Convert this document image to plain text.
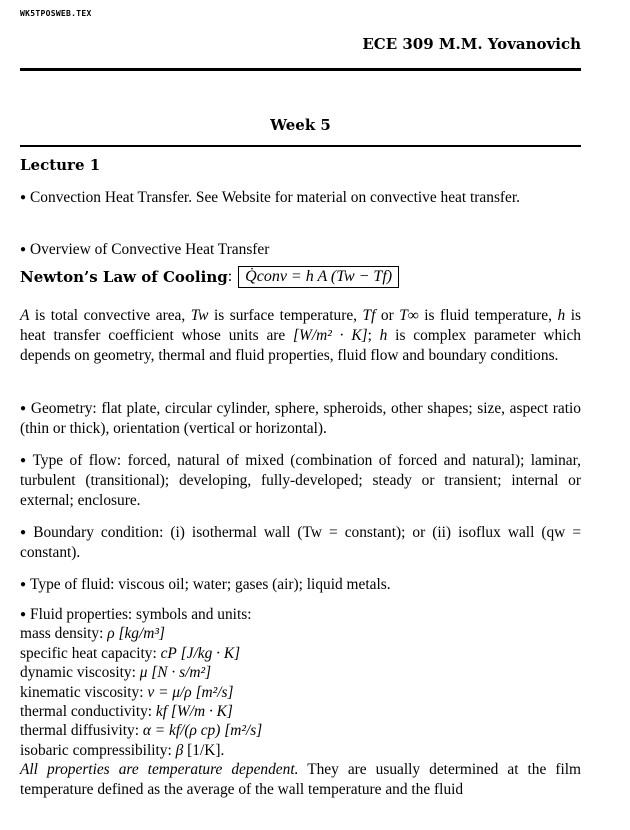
WK5TPOSWEB.TEX
ECE 309 M.M. Yovanovich
Week 5
Lecture 1
● Convection Heat Transfer. See Website for material on convective heat transfer.
● Overview of Convective Heat Transfer
Newton’s Law of Cooling : Q̇conv = h A (Tw − Tf)
A is total convective area, Tw is surface temperature, Tf or T∞ is fluid temperature, h is heat transfer coefficient whose units are [W/m² · K]; h is complex parameter which depends on geometry, thermal and fluid properties, fluid flow and boundary conditions.
● Geometry: flat plate, circular cylinder, sphere, spheroids, other shapes; size, aspect ratio (thin or thick), orientation (vertical or horizontal).
● Type of flow: forced, natural of mixed (combination of forced and natural); laminar, turbulent (transitional); developing, fully-developed; steady or transient; internal or external; enclosure.
● Boundary condition: (i) isothermal wall (Tw = constant); or (ii) isoflux wall (qw = constant).
● Type of fluid: viscous oil; water; gases (air); liquid metals.
● Fluid properties: symbols and units:
mass density: ρ [kg/m³]
specific heat capacity: cP [J/kg · K]
dynamic viscosity: μ [N · s/m²]
kinematic viscosity: ν = μ/ρ [m²/s]
thermal conductivity: kf [W/m · K]
thermal diffusivity: α = kf/(ρ cp) [m²/s]
isobaric compressibility: β [1/K].
All properties are temperature dependent. They are usually determined at the film temperature defined as the average of the wall temperature and the fluid
